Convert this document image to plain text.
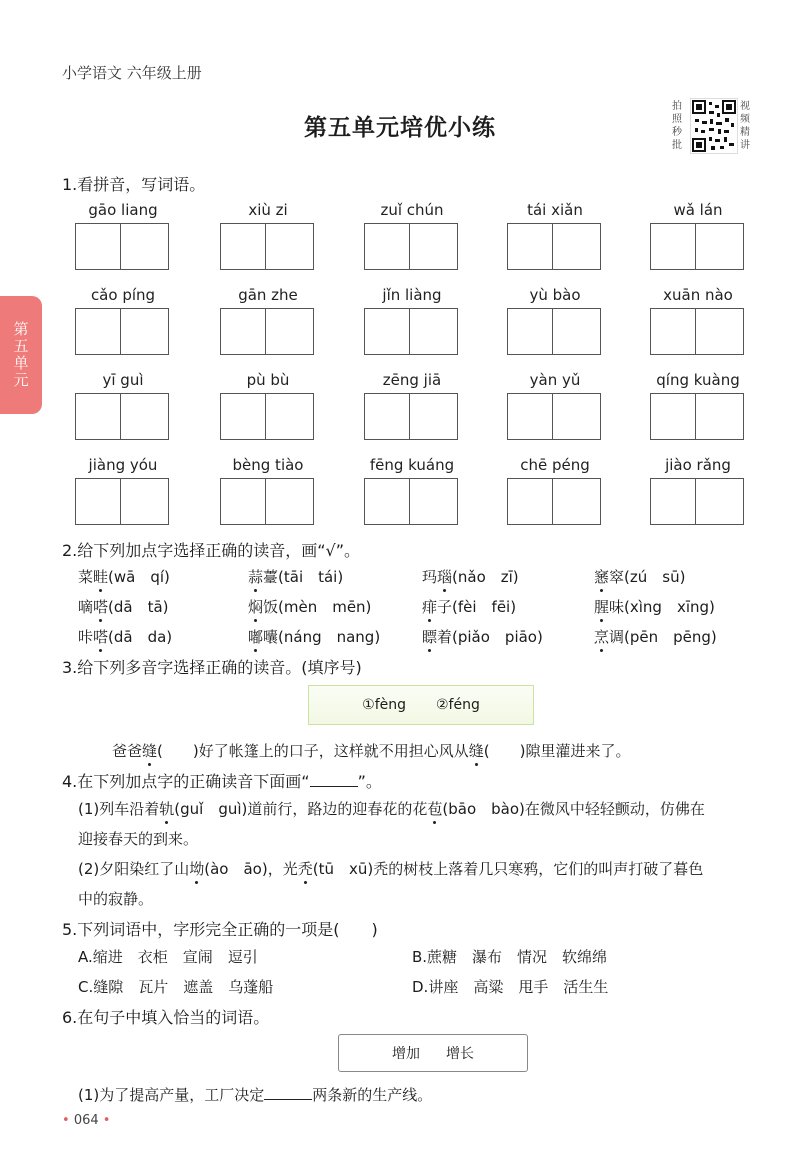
小学语文 六年级上册
第五单元培优小练
拍照秒批
视频精讲
第五单元
1.看拼音，写词语。
gāo liang	xiù zi	zuǐ chún	tái xiǎn	wǎ lán
cǎo píng	gān zhe	jǐn liàng	yù bào	xuān nào
yī guì	pù bù	zēng jiā	yàn yǔ	qíng kuàng
jiàng yóu	bèng tiào	fēng kuáng	chē péng	jiào rǎng
2.给下列加点字选择正确的读音，画“√”。
菜畦(wā　qí)	蒜薹(tāi　tái)	玛瑙(nǎo　zī)	窸窣(zú　sū)
嘀嗒(dā　tā)	焖饭(mèn　mēn)	痱子(fèi　fēi)	腥味(xìng　xīng)
咔嗒(dā　da)	嘟囔(náng　nang)	瞟着(piǎo　piāo)	烹调(pēn　pēng)
3.给下列多音字选择正确的读音。(填序号)
①fèng ②féng
爸爸缝(　　)好了帐篷上的口子，这样就不用担心风从缝(　　)隙里灌进来了。
4.在下列加点字的正确读音下面画“	”。
(1)列车沿着轨(guǐ　guì)道前行，路边的迎春花的花苞(bāo　bào)在微风中轻轻颤动，仿佛在
迎接春天的到来。
(2)夕阳染红了山坳(ào　āo)，光秃(tū　xū)秃的树枝上落着几只寒鸦，它们的叫声打破了暮色
中的寂静。
5.下列词语中，字形完全正确的一项是(　　)
A.缩进　衣柜　宣闹　逗引	B.蔗糖　瀑布　情况　软绵绵
C.缝隙　瓦片　遮盖　乌蓬船	D.讲座　高粱　甩手　活生生
6.在句子中填入恰当的词语。
增加 增长
(1)为了提高产量，工厂决定	两条新的生产线。
• 064 •
